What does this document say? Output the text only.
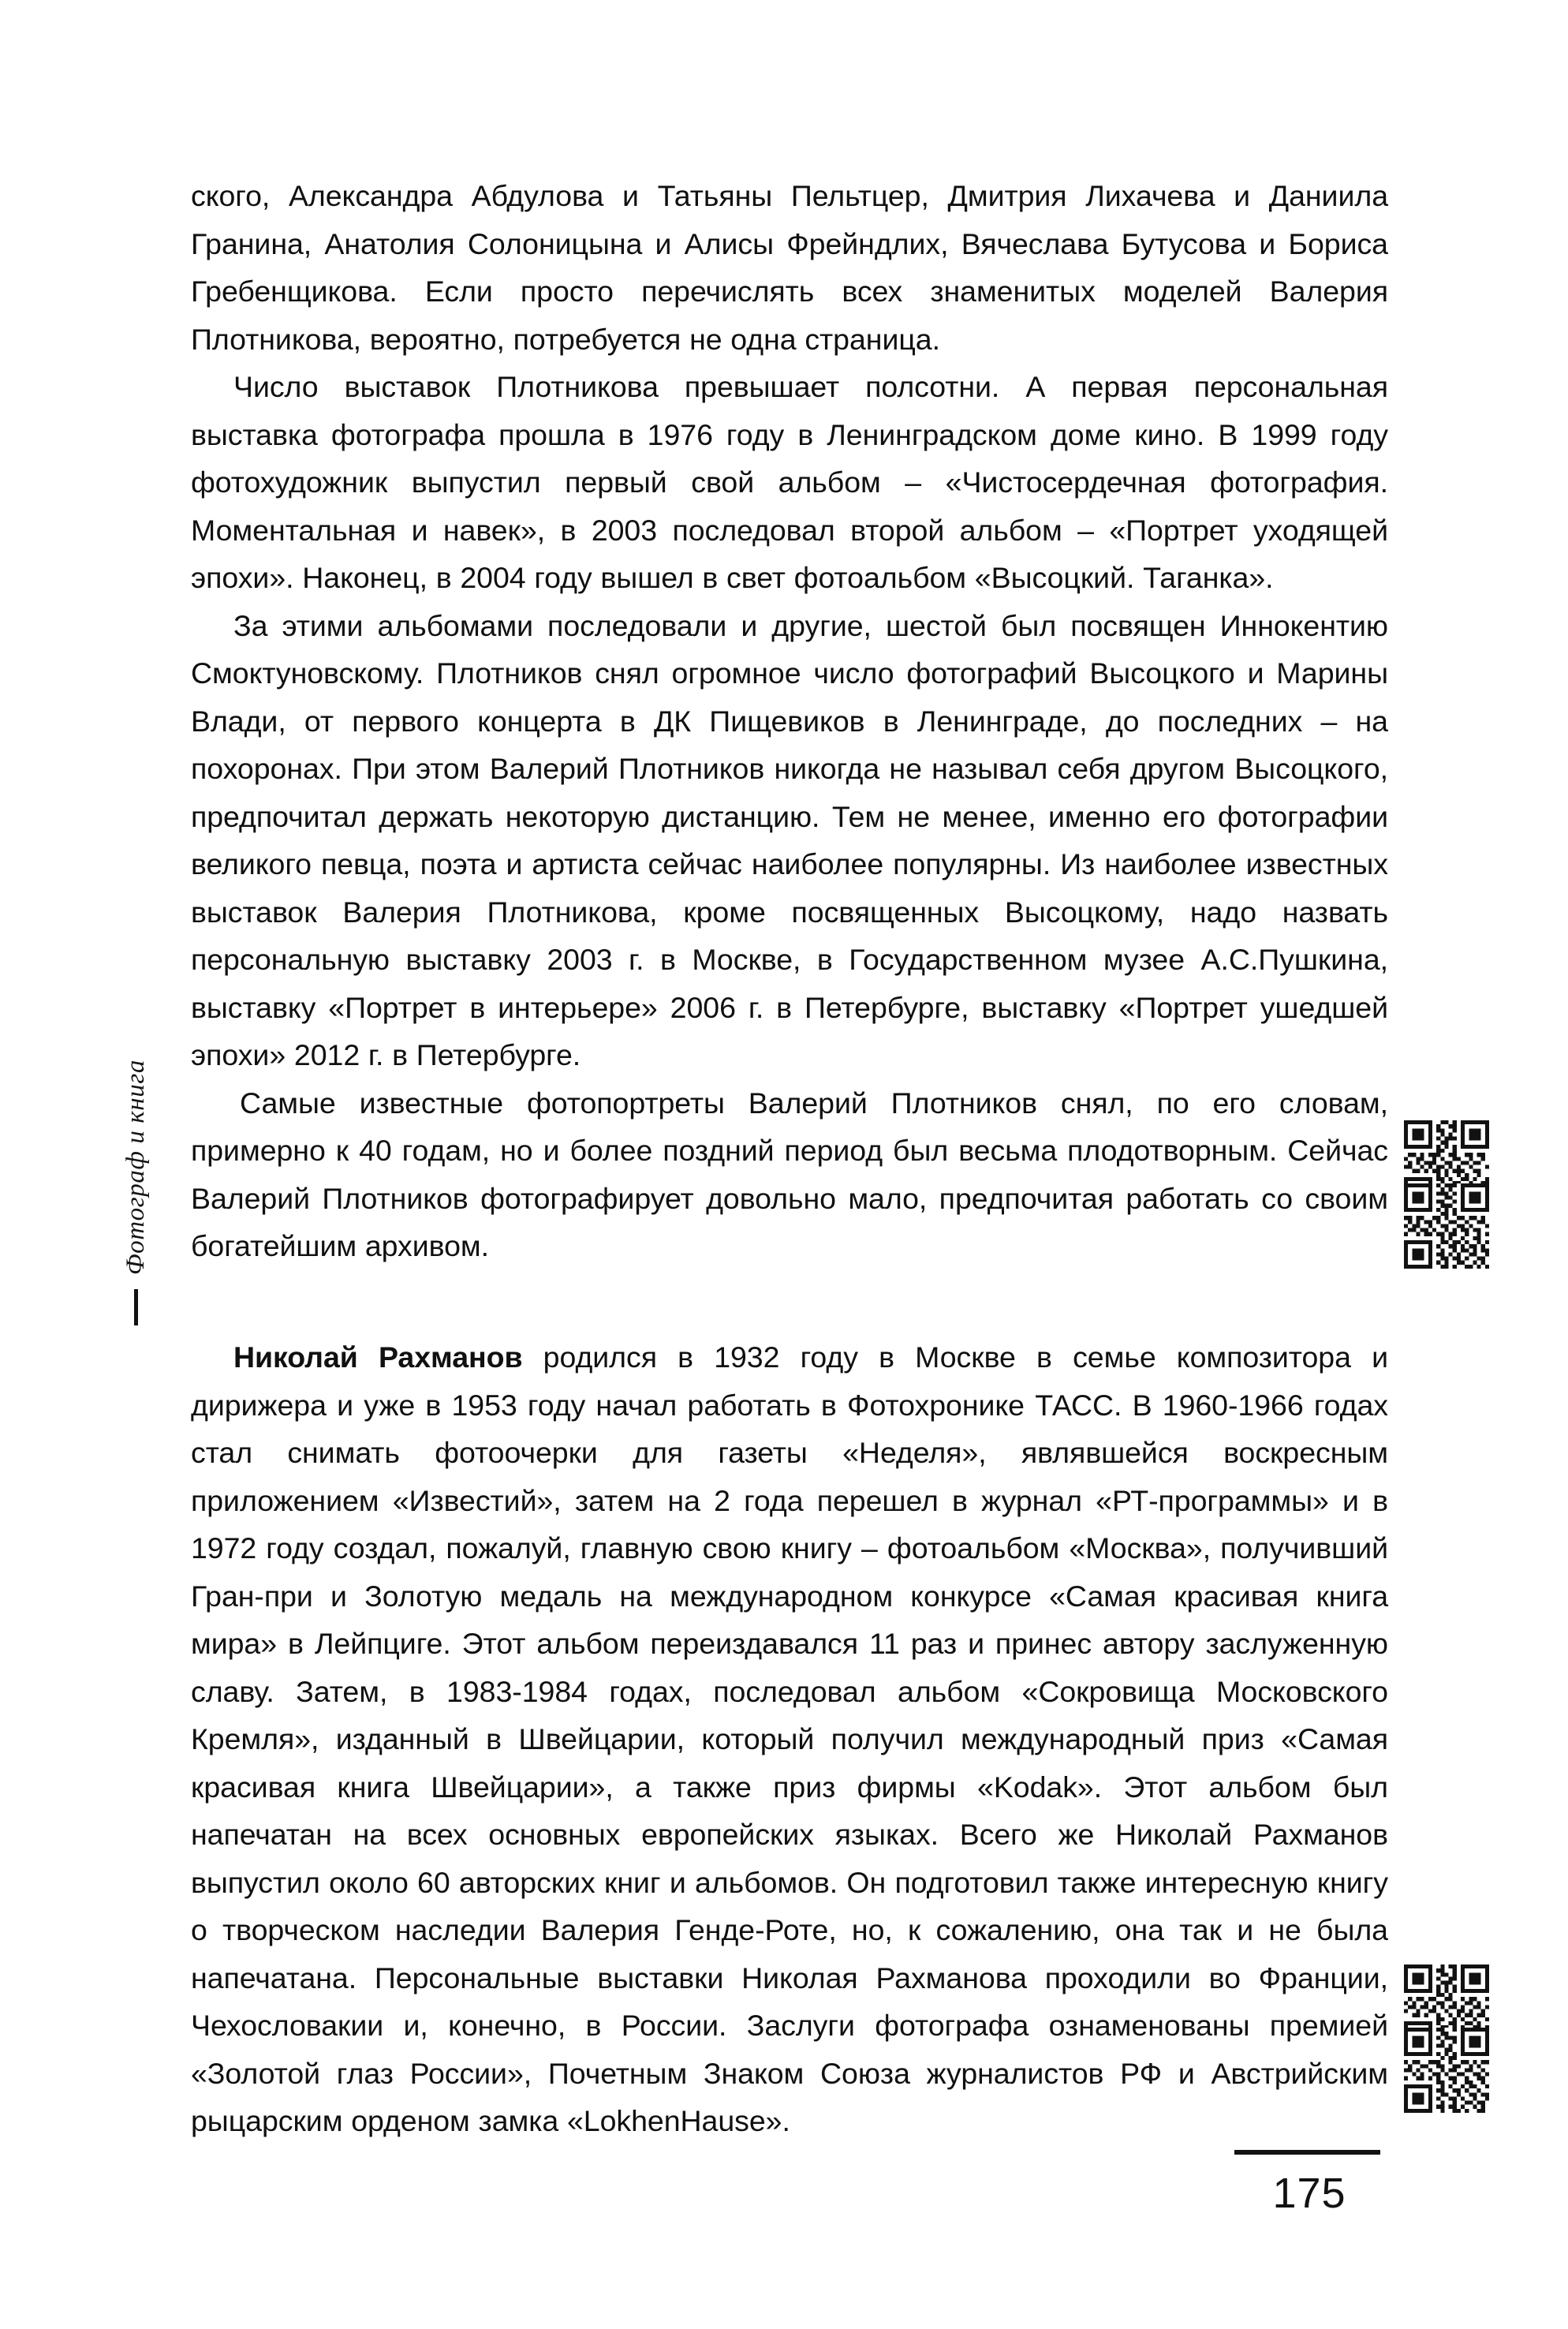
Фотограф и книга

ского, Александра Абдулова и Татьяны Пельтцер, Дмитрия Лихачева и Даниила Гранина, Анатолия Солоницына и Алисы Фрейндлих, Вячеслава Бутусова и Бориса Гребенщикова. Если просто перечислять всех знаменитых моделей Валерия Плотникова, вероятно, потребуется не одна страница.

Число выставок Плотникова превышает полсотни. А первая персональная выставка фотографа прошла в 1976 году в Ленинградском доме кино. В 1999 году фотохудожник выпустил первый свой альбом – «Чистосердечная фотография. Моментальная и навек», в 2003 последовал второй альбом – «Портрет уходящей эпохи». Наконец, в 2004 году вышел в свет фотоальбом «Высоцкий. Таганка».

За этими альбомами последовали и другие, шестой был посвящен Иннокентию Смоктуновскому. Плотников снял огромное число фотографий Высоцкого и Марины Влади, от первого концерта в ДК Пищевиков в Ленинграде, до последних – на похоронах. При этом Валерий Плотников никогда не называл себя другом Высоцкого, предпочитал держать некоторую дистанцию. Тем не менее, именно его фотографии великого певца, поэта и артиста сейчас наиболее популярны. Из наиболее известных выставок Валерия Плотникова, кроме посвященных Высоцкому, надо назвать персональную выставку 2003 г. в Москве, в Государственном музее А.С.Пушкина, выставку «Портрет в интерьере» 2006 г. в Петербурге, выставку «Портрет ушедшей эпохи» 2012 г. в Петербурге.

Самые известные фотопортреты Валерий Плотников снял, по его словам, примерно к 40 годам, но и более поздний период был весьма плодотворным. Сейчас Валерий Плотников фотографирует довольно мало, предпочитая работать со своим богатейшим архивом.

Николай Рахманов родился в 1932 году в Москве в семье композитора и дирижера и уже в 1953 году начал работать в Фотохронике ТАСС. В 1960-1966 годах стал снимать фотоочерки для газеты «Неделя», являвшейся воскресным приложением «Известий», затем на 2 года перешел в журнал «РТ-программы» и в 1972 году создал, пожалуй, главную свою книгу – фотоальбом «Москва», получивший Гран-при и Золотую медаль на международном конкурсе «Самая красивая книга мира» в Лейпциге. Этот альбом переиздавался 11 раз и принес автору заслуженную славу. Затем, в 1983-1984 годах, последовал альбом «Сокровища Московского Кремля», изданный в Швейцарии, который получил международный приз «Самая красивая книга Швейцарии», а также приз фирмы «Kodak». Этот альбом был напечатан на всех основных европейских языках. Всего же Николай Рахманов выпустил около 60 авторских книг и альбомов. Он подготовил также интересную книгу о творческом наследии Валерия Генде-Роте, но, к сожалению, она так и не была напечатана. Персональные выставки Николая Рахманова проходили во Франции, Чехословакии и, конечно, в России. Заслуги фотографа ознаменованы премией «Золотой глаз России», Почетным Знаком Союза журналистов РФ и Австрийским рыцарским орденом замка «LokhenHause».

175
